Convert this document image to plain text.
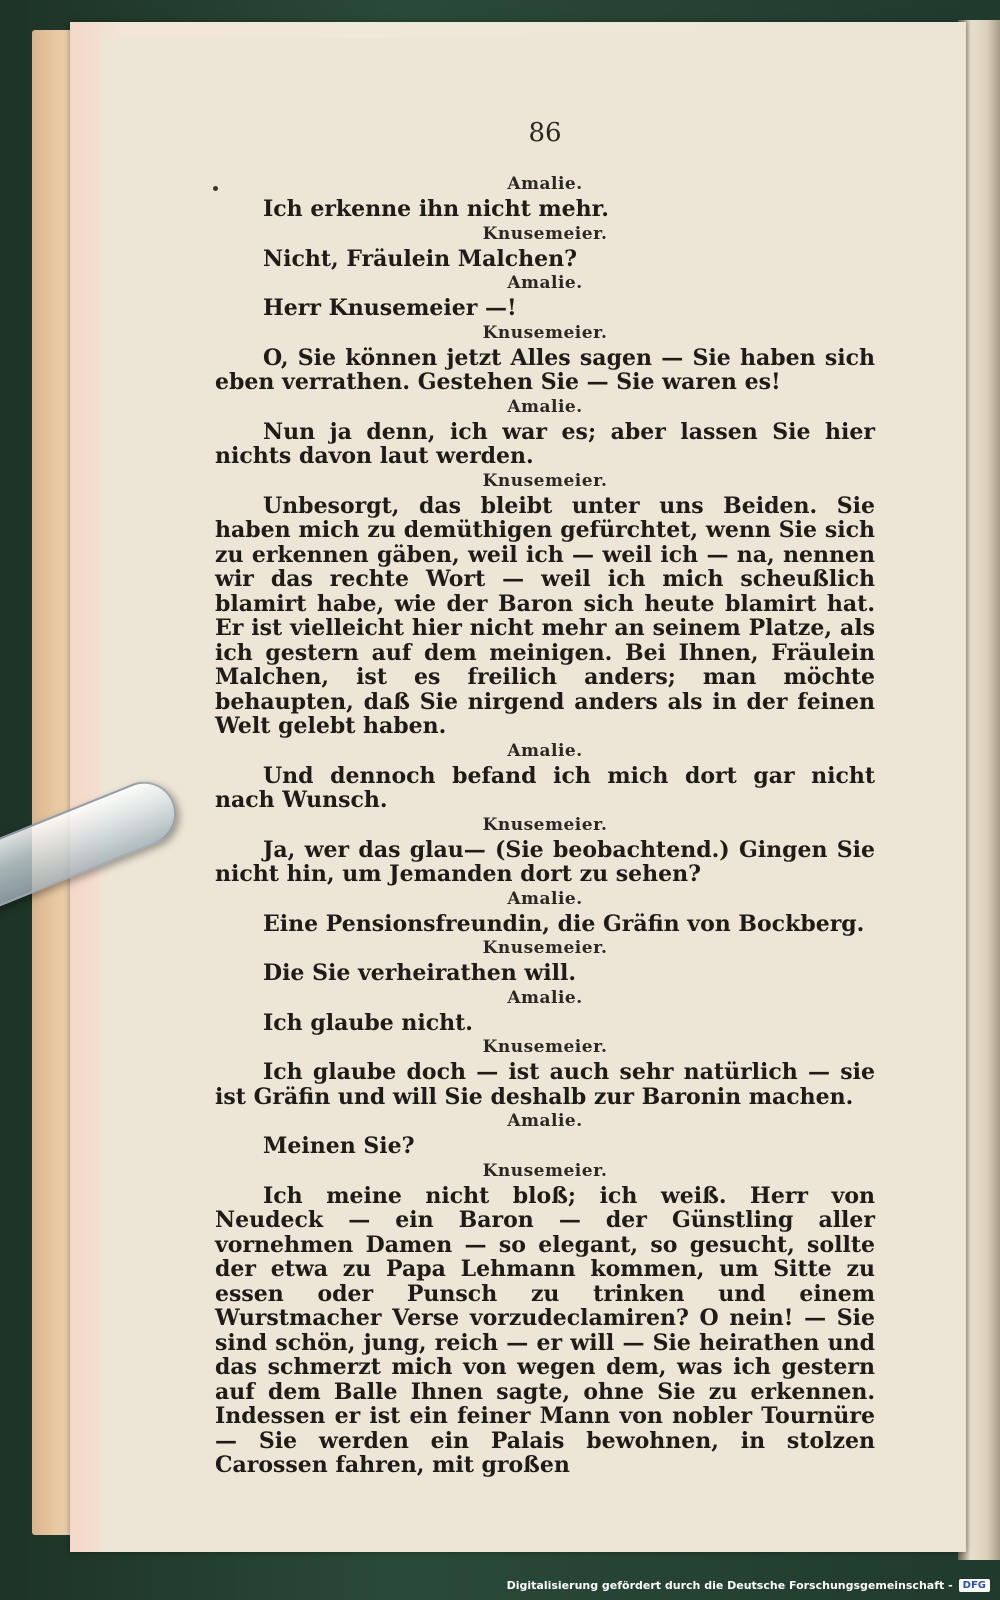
86
Amalie.
Ich erkenne ihn nicht mehr.
Knusemeier.
Nicht, Fräulein Malchen?
Amalie.
Herr Knusemeier —!
Knusemeier.
O, Sie können jetzt Alles sagen — Sie haben sich eben verrathen. Gestehen Sie — Sie waren es!
Amalie.
Nun ja denn, ich war es; aber lassen Sie hier nichts davon laut werden.
Knusemeier.
Unbesorgt, das bleibt unter uns Beiden. Sie haben mich zu demüthigen gefürchtet, wenn Sie sich zu erkennen gäben, weil ich — weil ich — na, nennen wir das rechte Wort — weil ich mich scheußlich blamirt habe, wie der Baron sich heute blamirt hat. Er ist vielleicht hier nicht mehr an seinem Platze, als ich gestern auf dem meinigen. Bei Ihnen, Fräulein Malchen, ist es freilich anders; man möchte behaupten, daß Sie nirgend anders als in der feinen Welt gelebt haben.
Amalie.
Und dennoch befand ich mich dort gar nicht nach Wunsch.
Knusemeier.
Ja, wer das glau— (Sie beobachtend.) Gingen Sie nicht hin, um Jemanden dort zu sehen?
Amalie.
Eine Pensionsfreundin, die Gräfin von Bockberg.
Knusemeier.
Die Sie verheirathen will.
Amalie.
Ich glaube nicht.
Knusemeier.
Ich glaube doch — ist auch sehr natürlich — sie ist Gräfin und will Sie deshalb zur Baronin machen.
Amalie.
Meinen Sie?
Knusemeier.
Ich meine nicht bloß; ich weiß. Herr von Neudeck — ein Baron — der Günstling aller vornehmen Damen — so elegant, so gesucht, sollte der etwa zu Papa Lehmann kommen, um Sitte zu essen oder Punsch zu trinken und einem Wurstmacher Verse vorzudeclamiren? O nein! — Sie sind schön, jung, reich — er will — Sie heirathen und das schmerzt mich von wegen dem, was ich gestern auf dem Balle Ihnen sagte, ohne Sie zu erkennen. Indessen er ist ein feiner Mann von nobler Tournüre — Sie werden ein Palais bewohnen, in stolzen Carossen fahren, mit großen
Digitalisierung gefördert durch die Deutsche Forschungsgemeinschaft -	DFG
